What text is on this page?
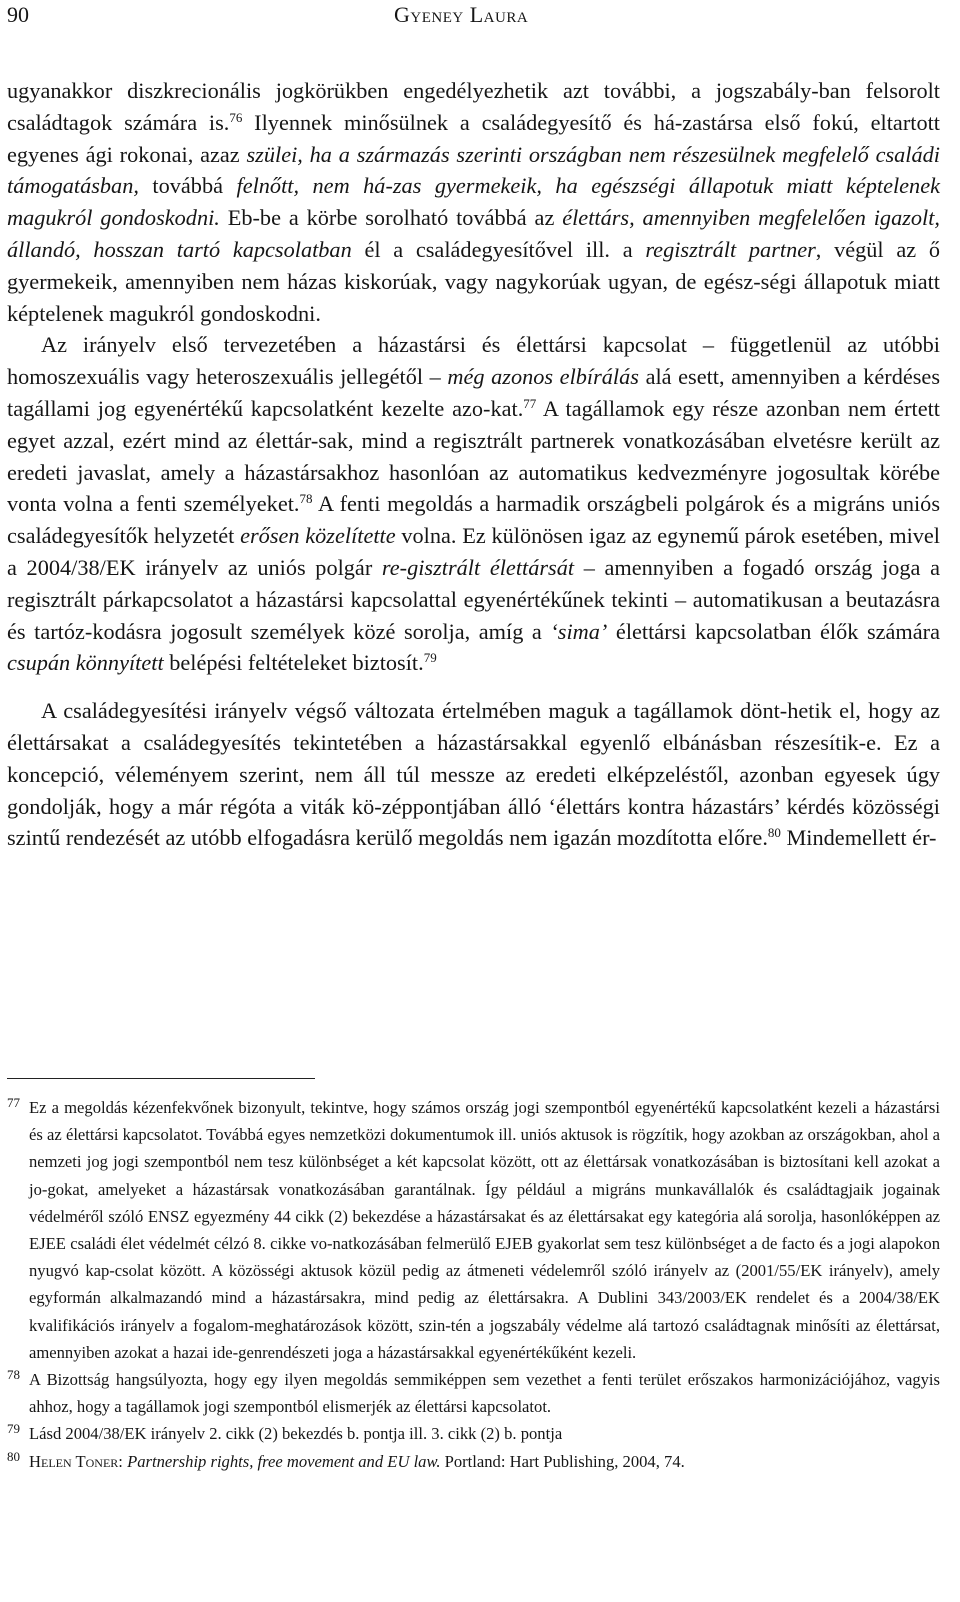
90	Gyeney Laura

ugyanakkor diszkrecionális jogkörükben engedélyezhetik azt további, a jogszabály-ban felsorolt családtagok számára is.$^{76}$ Ilyennek minősülnek a családegyesítő és há-zastársa első fokú, eltartott egyenes ági rokonai, azaz szülei, ha a származás szerinti országban nem részesülnek megfelelő családi támogatásban, továbbá felnőtt, nem há-zas gyermekeik, ha egészségi állapotuk miatt képtelenek magukról gondoskodni. Eb-be a körbe sorolható továbbá az élettárs, amennyiben megfelelően igazolt, állandó, hosszan tartó kapcsolatban él a családegyesítővel ill. a regisztrált partner, végül az ő gyermekeik, amennyiben nem házas kiskorúak, vagy nagykorúak ugyan, de egész-ségi állapotuk miatt képtelenek magukról gondoskodni.

Az irányelv első tervezetében a házastársi és élettársi kapcsolat – függetlenül az utóbbi homoszexuális vagy heteroszexuális jellegétől – még azonos elbírálás alá esett, amennyiben a kérdéses tagállami jog egyenértékű kapcsolatként kezelte azo-kat.$^{77}$ A tagállamok egy része azonban nem értett egyet azzal, ezért mind az élettár-sak, mind a regisztrált partnerek vonatkozásában elvetésre került az eredeti javaslat, amely a házastársakhoz hasonlóan az automatikus kedvezményre jogosultak körébe vonta volna a fenti személyeket.$^{78}$ A fenti megoldás a harmadik országbeli polgárok és a migráns uniós családegyesítők helyzetét erősen közelítette volna. Ez különösen igaz az egynemű párok esetében, mivel a 2004/38/EK irányelv az uniós polgár re-gisztrált élettársát – amennyiben a fogadó ország joga a regisztrált párkapcsolatot a házastársi kapcsolattal egyenértékűnek tekinti – automatikusan a beutazásra és tartóz-kodásra jogosult személyek közé sorolja, amíg a ‘sima’ élettársi kapcsolatban élők számára csupán könnyített belépési feltételeket biztosít.$^{79}$

A családegyesítési irányelv végső változata értelmében maguk a tagállamok dönt-hetik el, hogy az élettársakat a családegyesítés tekintetében a házastársakkal egyenlő elbánásban részesítik-e. Ez a koncepció, véleményem szerint, nem áll túl messze az eredeti elképzeléstől, azonban egyesek úgy gondolják, hogy a már régóta a viták kö-zéppontjában álló ‘élettárs kontra házastárs’ kérdés közösségi szintű rendezését az utóbb elfogadásra kerülő megoldás nem igazán mozdította előre.$^{80}$ Mindemellett ér-

77 Ez a megoldás kézenfekvőnek bizonyult, tekintve, hogy számos ország jogi szempontból egyenértékű kapcsolatként kezeli a házastársi és az élettársi kapcsolatot. Továbbá egyes nemzetközi dokumentumok ill. uniós aktusok is rögzítik, hogy azokban az országokban, ahol a nemzeti jog jogi szempontból nem tesz különbséget a két kapcsolat között, ott az élettársak vonatkozásában is biztosítani kell azokat a jo-gokat, amelyeket a házastársak vonatkozásában garantálnak. Így például a migráns munkavállalók és családtagjaik jogainak védelméről szóló ENSZ egyezmény 44 cikk (2) bekezdése a házastársakat és az élettársakat egy kategória alá sorolja, hasonlóképpen az EJEE családi élet védelmét célzó 8. cikke vo-natkozásában felmerülő EJEB gyakorlat sem tesz különbséget a de facto és a jogi alapokon nyugvó kap-csolat között. A közösségi aktusok közül pedig az átmeneti védelemről szóló irányelv az (2001/55/EK irányelv), amely egyformán alkalmazandó mind a házastársakra, mind pedig az élettársakra. A Dublini 343/2003/EK rendelet és a 2004/38/EK kvalifikációs irányelv a fogalom-meghatározások között, szin-tén a jogszabály védelme alá tartozó családtagnak minősíti az élettársat, amennyiben azokat a hazai ide-genrendészeti joga a házastársakkal egyenértékűként kezeli.

78 A Bizottság hangsúlyozta, hogy egy ilyen megoldás semmiképpen sem vezethet a fenti terület erőszakos harmonizációjához, vagyis ahhoz, hogy a tagállamok jogi szempontból elismerjék az élettársi kapcsolatot.

79 Lásd 2004/38/EK irányelv 2. cikk (2) bekezdés b. pontja ill. 3. cikk (2) b. pontja

80 Helen Toner: Partnership rights, free movement and EU law. Portland: Hart Publishing, 2004, 74.
